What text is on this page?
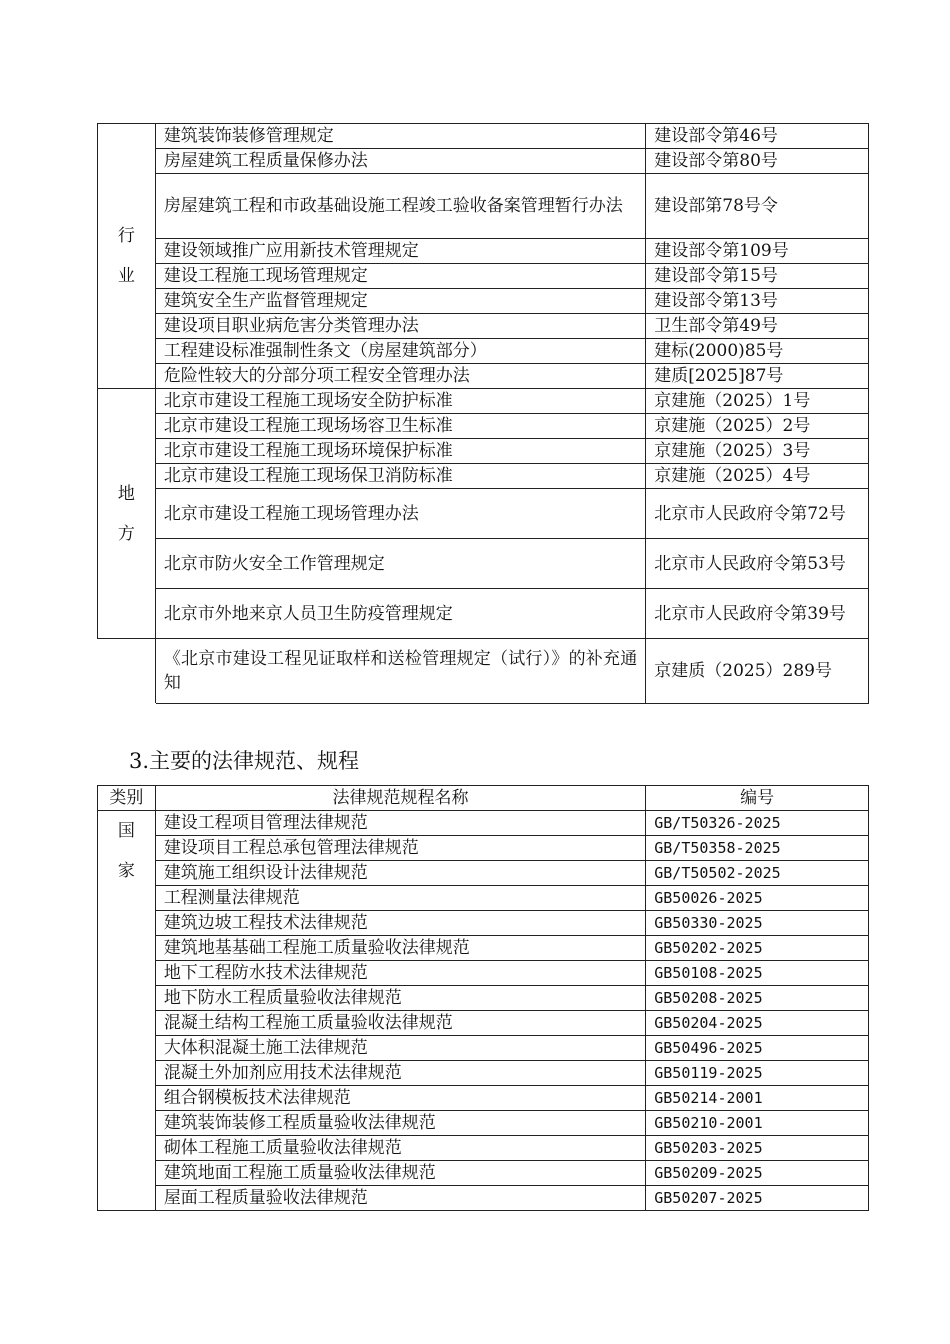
行
业	建筑装饰装修管理规定	建设部令第46号
	房屋建筑工程质量保修办法	建设部令第80号
	房屋建筑工程和市政基础设施工程竣工验收备案管理暂行办法	建设部第78号令
	建设领域推广应用新技术管理规定	建设部令第109号
	建设工程施工现场管理规定	建设部令第15号
	建筑安全生产监督管理规定	建设部令第13号
	建设项目职业病危害分类管理办法	卫生部令第49号
	工程建设标准强制性条文（房屋建筑部分）	建标(2000)85号
	危险性较大的分部分项工程安全管理办法	建质[2025]87号
地
方	北京市建设工程施工现场安全防护标准	京建施（2025）1号
	北京市建设工程施工现场场容卫生标准	京建施（2025）2号
	北京市建设工程施工现场环境保护标准	京建施（2025）3号
	北京市建设工程施工现场保卫消防标准	京建施（2025）4号
	北京市建设工程施工现场管理办法	北京市人民政府令第72号
	北京市防火安全工作管理规定	北京市人民政府令第53号
	北京市外地来京人员卫生防疫管理规定	北京市人民政府令第39号
	《北京市建设工程见证取样和送检管理规定（试行）》的补充通知	京建质（2025）289号
3.主要的法律规范、规程
类别	法律规范规程名称	编号
国
家	建设工程项目管理法律规范	GB/T50326-2025
	建设项目工程总承包管理法律规范	GB/T50358-2025
	建筑施工组织设计法律规范	GB/T50502-2025
	工程测量法律规范	GB50026-2025
	建筑边坡工程技术法律规范	GB50330-2025
	建筑地基基础工程施工质量验收法律规范	GB50202-2025
	地下工程防水技术法律规范	GB50108-2025
	地下防水工程质量验收法律规范	GB50208-2025
	混凝土结构工程施工质量验收法律规范	GB50204-2025
	大体积混凝土施工法律规范	GB50496-2025
	混凝土外加剂应用技术法律规范	GB50119-2025
	组合钢模板技术法律规范	GB50214-2001
	建筑装饰装修工程质量验收法律规范	GB50210-2001
	砌体工程施工质量验收法律规范	GB50203-2025
	建筑地面工程施工质量验收法律规范	GB50209-2025
	屋面工程质量验收法律规范	GB50207-2025
